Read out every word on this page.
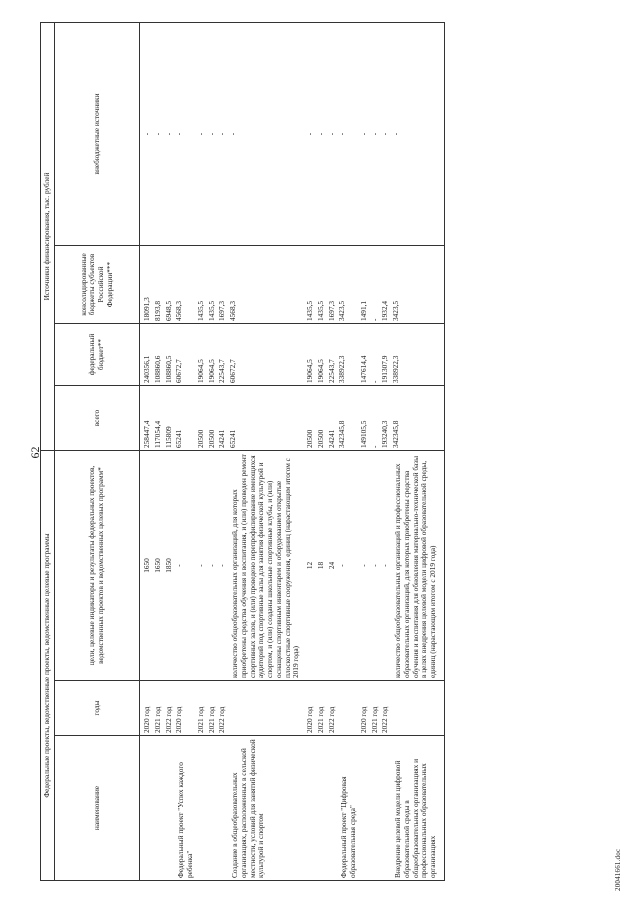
62
Федеральные проекты, ведомственные проекты, ведомственные целевые программы			Источники финансирования, тыс. рублей			
наименование	годы	цели, целевые индикаторы и результаты федеральных проектов, ведомственных проектов и ведомственных целевых программ*	всего	федеральный бюджет**	консолидированные бюджеты субъектов Российской Федерации***	внебюджетные источники
	2020 год	1650	258447,4	240356,1	18091,3	-
	2021 год	1650	117054,4	108860,6	8193,8	-
	2022 год	1850	115809	108860,5	6948,5	-
Федеральный проект "Успех каждого ребенка"	2020 год	-	65241	60672,7	4568,3	-
	2021 год	-	20500	19064,5	1435,5	-
	2021 год	-	20500	19064,5	1435,5	-
	2022 год	-	24241	22543,7	1697,3	-
Создание в общеобразовательных организациях, расположенных в сельской местности, условий для занятий физической культурой и спортом		количество общеобразовательных организаций, для которых приобретены средства обучения и воспитания, и (или) проведен ремонт спортивных залов, и (или) проведено перепрофилирование имеющихся аудиторий под спортивные залы для занятия физической культурой и спортом, и (или) созданы школьные спортивные клубы, и (или) оснащены спортивным инвентарем и оборудованием открытые плоскостные спортивные сооружения, единиц (нарастающим итогом с 2019 года)	65241	60672,7	4568,3	-
	2020 год	12	20500	19064,5	1435,5	-
	2021 год	18	20500	19064,5	1435,5	-
	2022 год	24	24241	22543,7	1697,3	-
Федеральный проект "Цифровая образовательная среда"		-	342345,8	338922,3	3423,5	-
	2020 год	-	149105,5	147614,4	1491,1	-
	2021 год	-	-	-	-	-
	2022 год	-	193240,3	191307,9	1932,4	-
Внедрение целевой модели цифровой образовательной среды в общеобразовательных организациях и профессиональных образовательных организациях		количество общеобразовательных организаций и профессиональных образовательных организаций, для которых приобретены средства обучения и воспитания для обновления материально-технической базы в целях внедрения целевой модели цифровой образовательной среды, единиц (нарастающим итогом с 2019 года)	342345,8	338922,3	3423,5	-
20041661.doc
